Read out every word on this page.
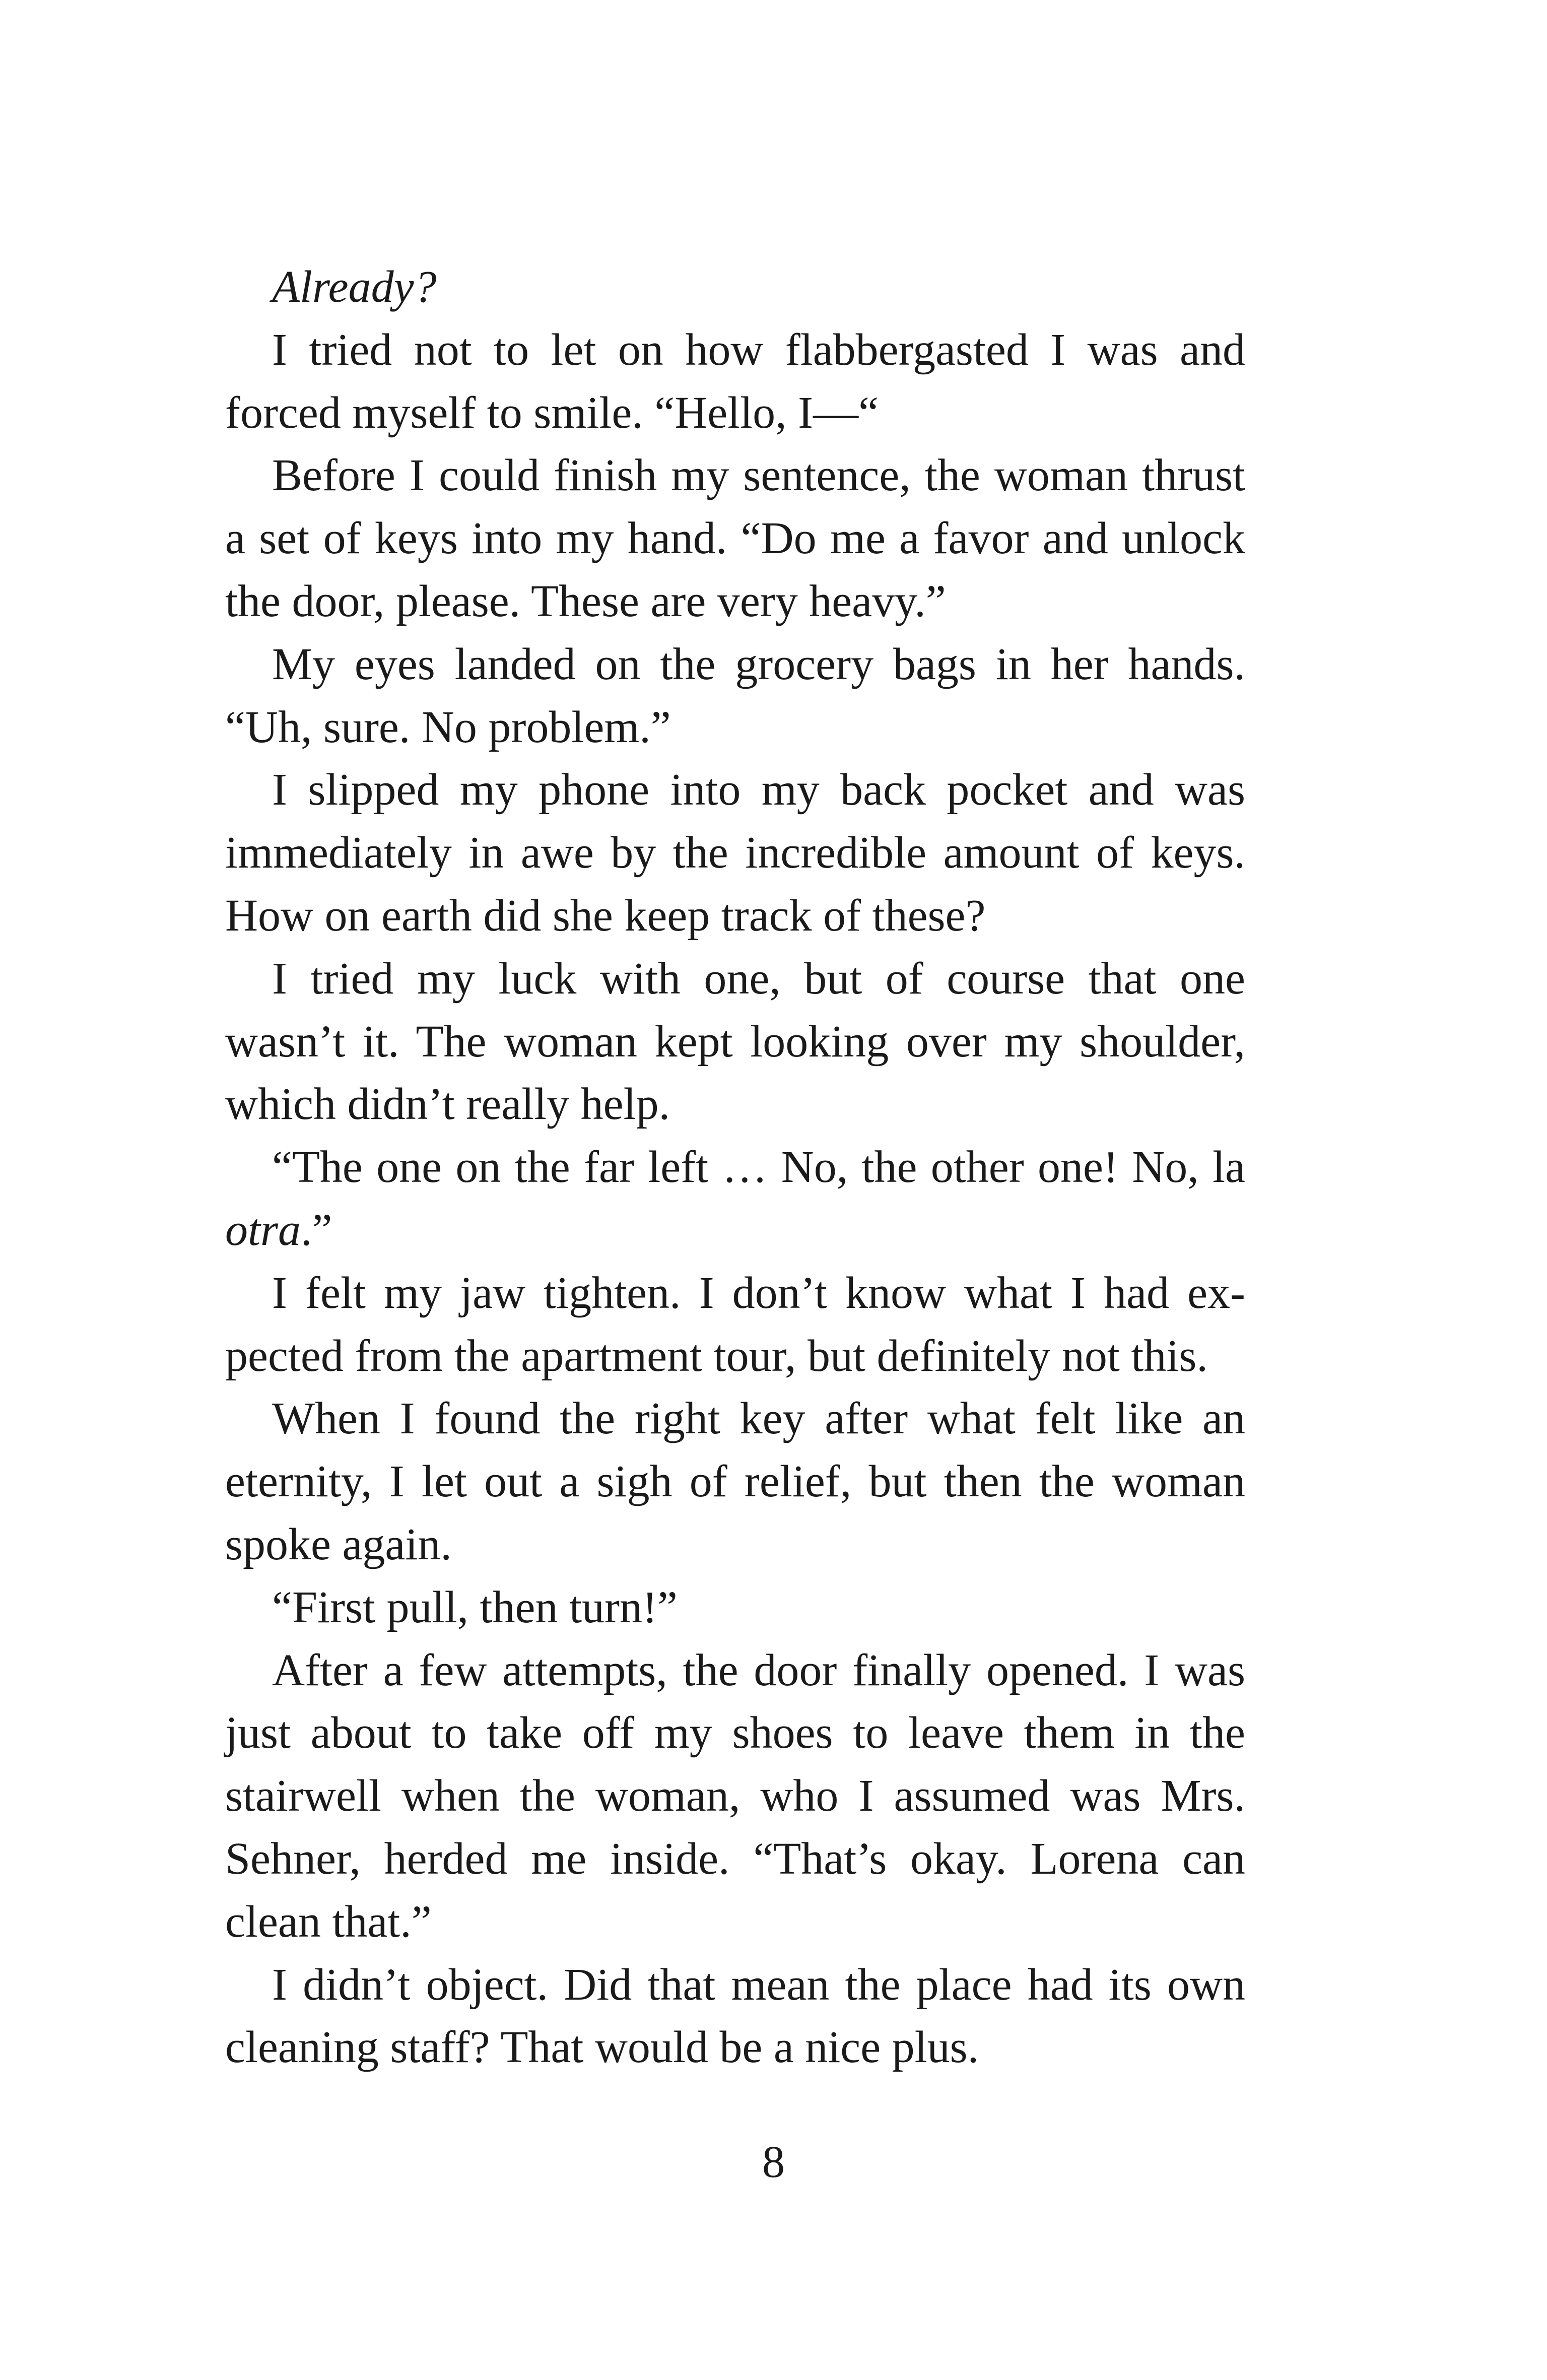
Already?

I tried not to let on how flabbergasted I was and forced myself to smile. “Hello, I—“

Before I could finish my sentence, the woman thrust a set of keys into my hand. “Do me a favor and unlock the door, please. These are very heavy.”

My eyes landed on the grocery bags in her hands. “Uh, sure. No problem.”

I slipped my phone into my back pocket and was immediately in awe by the incredible amount of keys. How on earth did she keep track of these?

I tried my luck with one, but of course that one wasn’t it. The woman kept looking over my shoulder, which didn’t really help.

“The one on the far left … No, the other one! No, la otra.”

I felt my jaw tighten. I don’t know what I had expected from the apartment tour, but definitely not this.

When I found the right key after what felt like an eternity, I let out a sigh of relief, but then the woman spoke again.

“First pull, then turn!”

After a few attempts, the door finally opened. I was just about to take off my shoes to leave them in the stairwell when the woman, who I assumed was Mrs. Sehner, herded me inside. “That’s okay. Lorena can clean that.”

I didn’t object. Did that mean the place had its own cleaning staff? That would be a nice plus.

8
